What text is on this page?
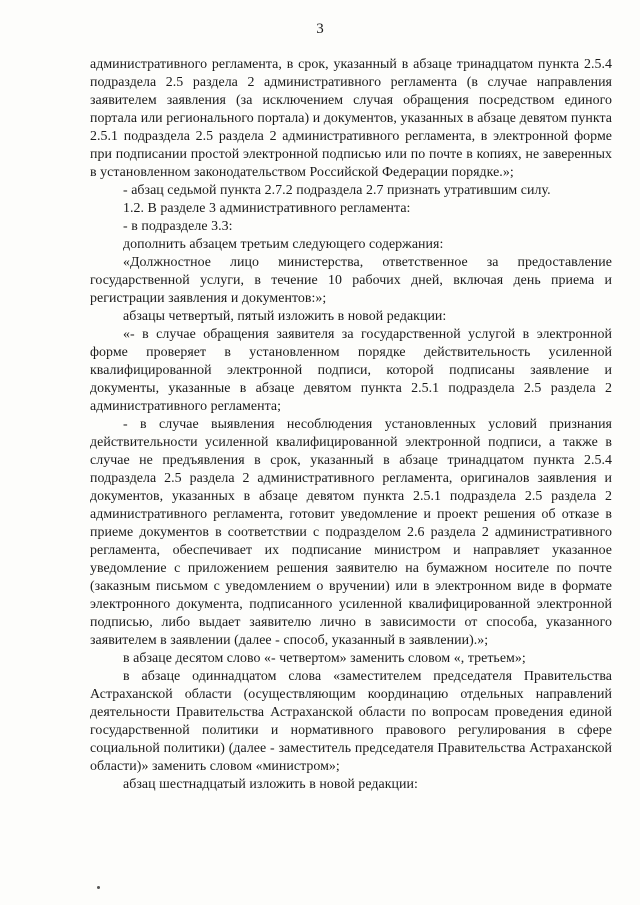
3

административного регламента, в срок, указанный в абзаце тринадцатом пункта 2.5.4 подраздела 2.5 раздела 2 административного регламента (в случае направления заявителем заявления (за исключением случая обращения посредством единого портала или регионального портала) и документов, указанных в абзаце девятом пункта 2.5.1 подраздела 2.5 раздела 2 административного регламента, в электронной форме при подписании простой электронной подписью или по почте в копиях, не заверенных в установленном законодательством Российской Федерации порядке.»;

- абзац седьмой пункта 2.7.2 подраздела 2.7 признать утратившим силу.

1.2. В разделе 3 административного регламента:

- в подразделе 3.3:

дополнить абзацем третьим следующего содержания:

«Должностное лицо министерства, ответственное за предоставление государственной услуги, в течение 10 рабочих дней, включая день приема и регистрации заявления и документов:»;

абзацы четвертый, пятый изложить в новой редакции:

«- в случае обращения заявителя за государственной услугой в электронной форме проверяет в установленном порядке действительность усиленной квалифицированной электронной подписи, которой подписаны заявление и документы, указанные в абзаце девятом пункта 2.5.1 подраздела 2.5 раздела 2 административного регламента;

- в случае выявления несоблюдения установленных условий признания действительности усиленной квалифицированной электронной подписи, а также в случае не предъявления в срок, указанный в абзаце тринадцатом пункта 2.5.4 подраздела 2.5 раздела 2 административного регламента, оригиналов заявления и документов, указанных в абзаце девятом пункта 2.5.1 подраздела 2.5 раздела 2 административного регламента, готовит уведомление и проект решения об отказе в приеме документов в соответствии с подразделом 2.6 раздела 2 административного регламента, обеспечивает их подписание министром и направляет указанное уведомление с приложением решения заявителю на бумажном носителе по почте (заказным письмом с уведомлением о вручении) или в электронном виде в формате электронного документа, подписанного усиленной квалифицированной электронной подписью, либо выдает заявителю лично в зависимости от способа, указанного заявителем в заявлении (далее - способ, указанный в заявлении).»;

в абзаце десятом слово «- четвертом» заменить словом «, третьем»;

в абзаце одиннадцатом слова «заместителем председателя Правительства Астраханской области (осуществляющим координацию отдельных направлений деятельности Правительства Астраханской области по вопросам проведения единой государственной политики и нормативного правового регулирования в сфере социальной политики) (далее - заместитель председателя Правительства Астраханской области)» заменить словом «министром»;

абзац шестнадцатый изложить в новой редакции:
